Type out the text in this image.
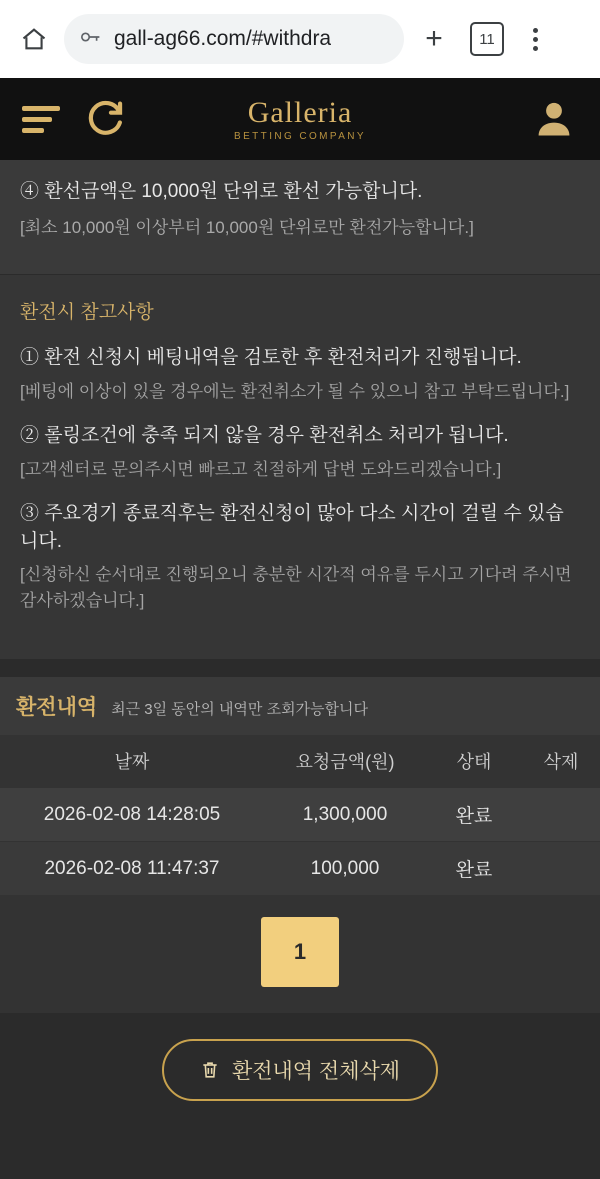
gall-ag66.com/#withdra	+	11
Galleria
BETTING COMPANY
④ 환선금액은 10,000원 단위로 환선 가능합니다.
[최소 10,000원 이상부터 10,000원 단위로만 환전가능합니다.]
환전시 참고사항
① 환전 신청시 베팅내역을 검토한 후 환전처리가 진행됩니다.
[베팅에 이상이 있을 경우에는 환전취소가 될 수 있으니 참고 부탁드립니다.]
② 롤링조건에 충족 되지 않을 경우 환전취소 처리가 됩니다.
[고객센터로 문의주시면 빠르고 친절하게 답변 도와드리겠습니다.]
③ 주요경기 종료직후는 환전신청이 많아 다소 시간이 걸릴 수 있습니다.
[신청하신 순서대로 진행되오니 충분한 시간적 여유를 두시고 기다려 주시면 감사하겠습니다.]
환전내역 최근 3일 동안의 내역만 조회가능합니다
날짜	요청금액(원)	상태	삭제
2026-02-08 14:28:05	1,300,000	완료	
2026-02-08 11:47:37	100,000	완료	
1
환전내역 전체삭제
